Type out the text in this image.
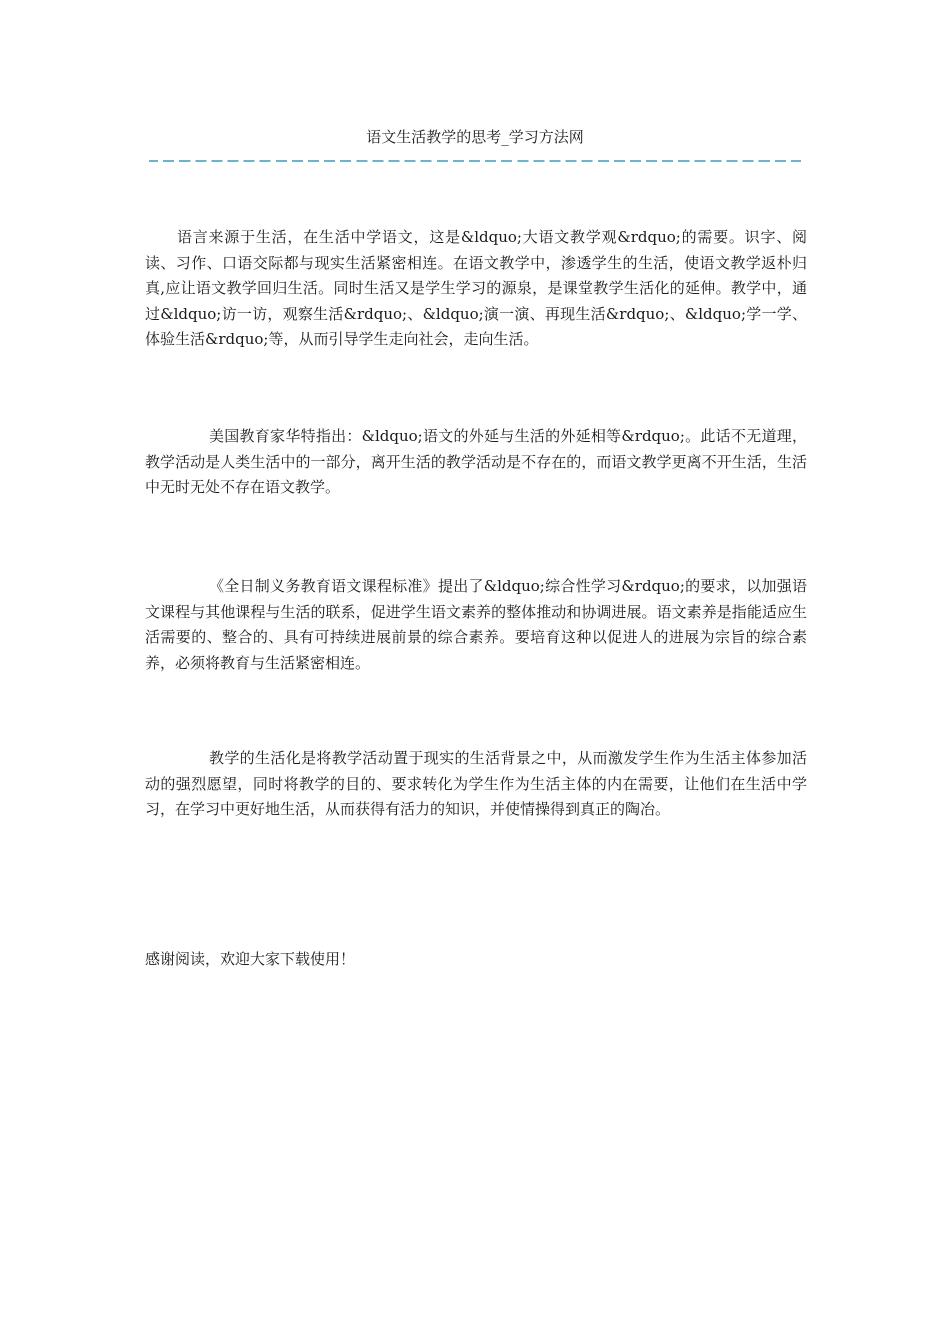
语文生活教学的思考_学习方法网

语言来源于生活，在生活中学语文，这是&ldquo;大语文教学观&rdquo;的需要。识字、阅读、习作、口语交际都与现实生活紧密相连。在语文教学中，渗透学生的生活，使语文教学返朴归真,应让语文教学回归生活。同时生活又是学生学习的源泉，是课堂教学生活化的延伸。教学中，通过&ldquo;访一访，观察生活&rdquo;、&ldquo;演一演、再现生活&rdquo;、&ldquo;学一学、体验生活&rdquo;等，从而引导学生走向社会，走向生活。

美国教育家华特指出：&ldquo;语文的外延与生活的外延相等&rdquo;。此话不无道理，教学活动是人类生活中的一部分，离开生活的教学活动是不存在的，而语文教学更离不开生活，生活中无时无处不存在语文教学。

《全日制义务教育语文课程标准》提出了&ldquo;综合性学习&rdquo;的要求，以加强语文课程与其他课程与生活的联系，促进学生语文素养的整体推动和协调进展。语文素养是指能适应生活需要的、整合的、具有可持续进展前景的综合素养。要培育这种以促进人的进展为宗旨的综合素养，必须将教育与生活紧密相连。

教学的生活化是将教学活动置于现实的生活背景之中，从而激发学生作为生活主体参加活动的强烈愿望，同时将教学的目的、要求转化为学生作为生活主体的内在需要，让他们在生活中学习，在学习中更好地生活，从而获得有活力的知识，并使情操得到真正的陶冶。

感谢阅读，欢迎大家下载使用！
